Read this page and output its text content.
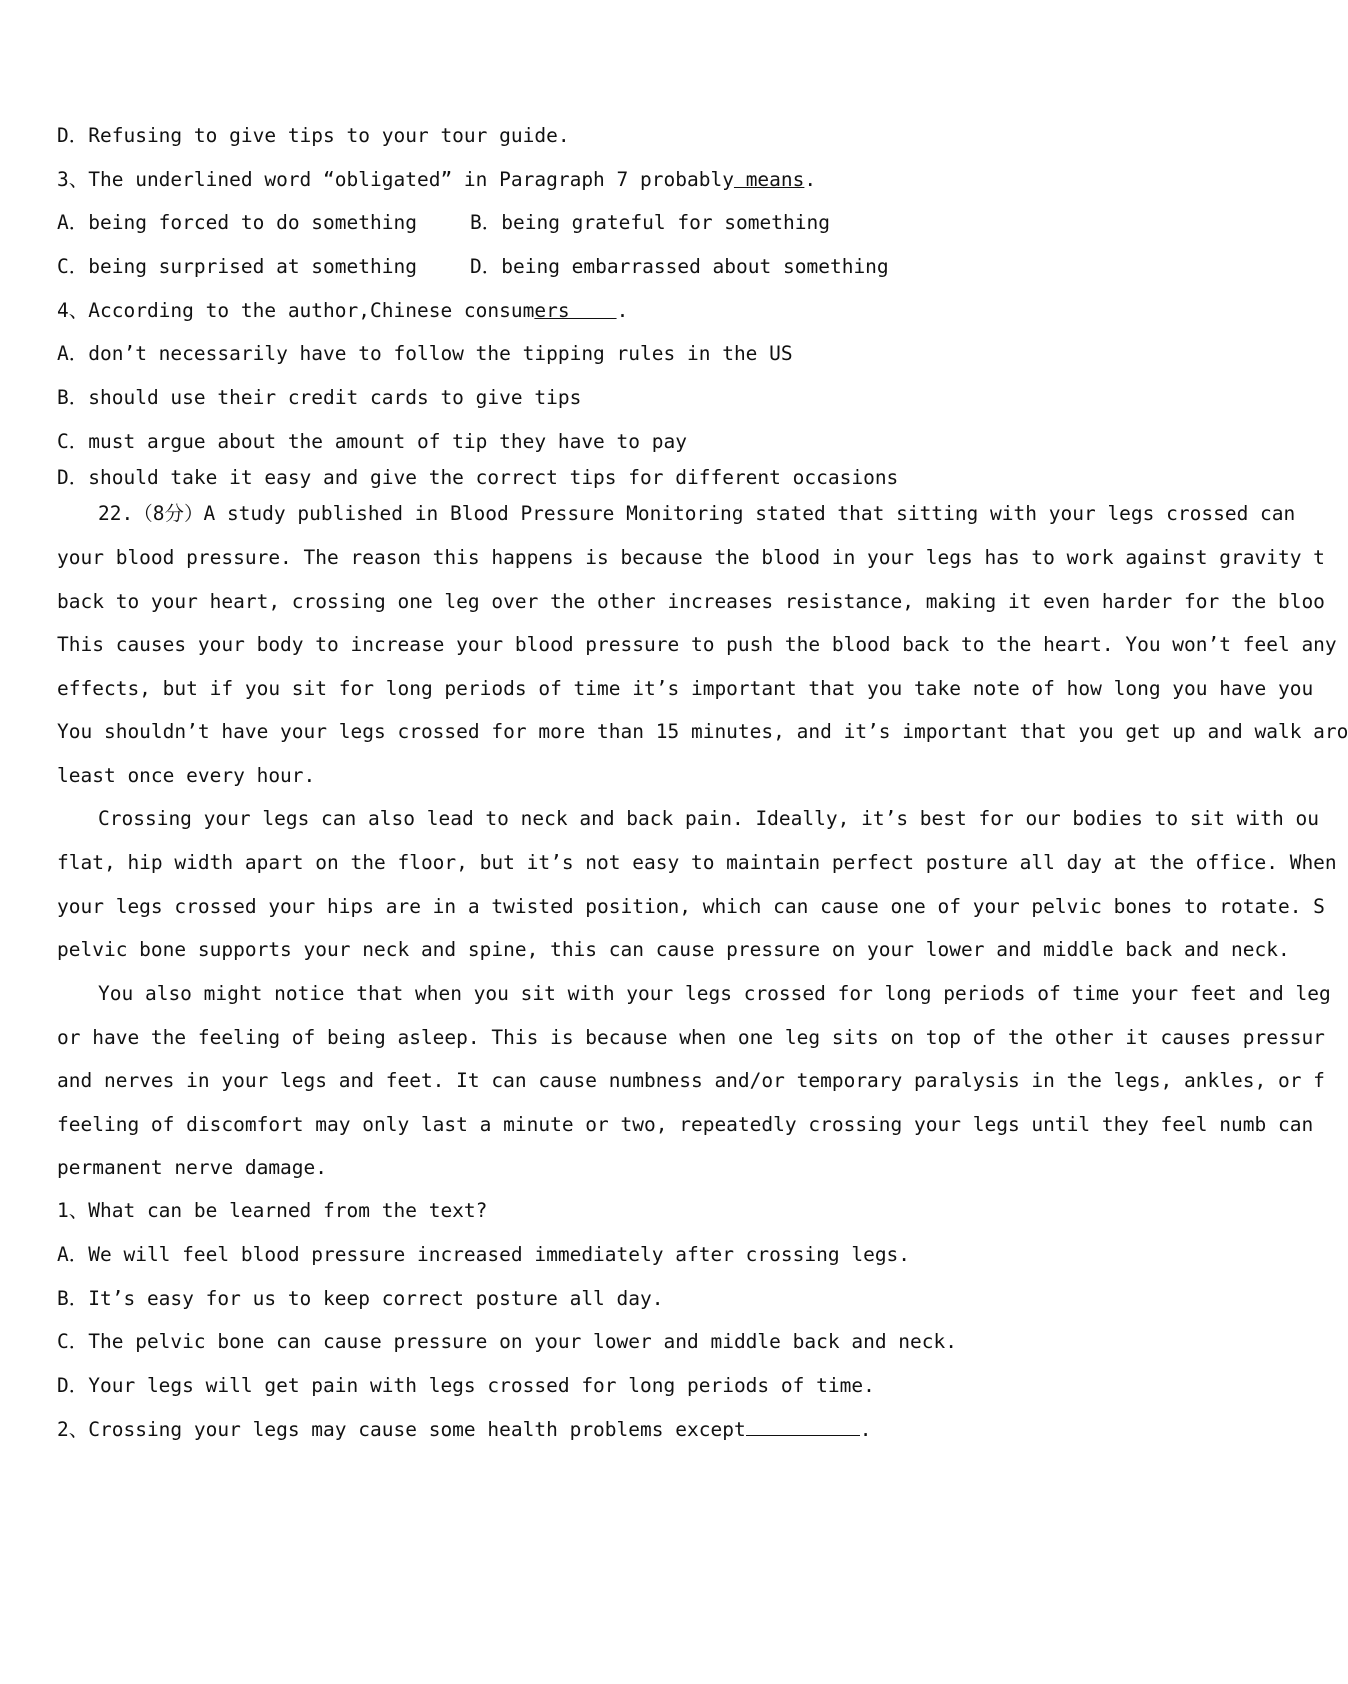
D．Refusing to give tips to your tour guide.
3、The underlined word “obligated” in Paragraph 7 probably means.
A．being forced to do something	B．being grateful for something
C．being surprised at something	D．being embarrassed about something
4、According to the author,Chinese consumers    .
A．don’t necessarily have to follow the tipping rules in the US
B．should use their credit cards to give tips
C．must argue about the amount of tip they have to pay
D．should take it easy and give the correct tips for different occasions
22.（8分）A study published in Blood Pressure Monitoring stated that sitting with your legs crossed can
your blood pressure. The reason this happens is because the blood in your legs has to work against gravity t
back to your heart, crossing one leg over the other increases resistance, making it even harder for the bloo
This causes your body to increase your blood pressure to push the blood back to the heart. You won’t feel any
effects, but if you sit for long periods of time it’s important that you take note of how long you have you
You shouldn’t have your legs crossed for more than 15 minutes, and it’s important that you get up and walk aro
least once every hour.
Crossing your legs can also lead to neck and back pain. Ideally, it’s best for our bodies to sit with ou
flat, hip width apart on the floor, but it’s not easy to maintain perfect posture all day at the office. When
your legs crossed your hips are in a twisted position, which can cause one of your pelvic bones to rotate. S
pelvic bone supports your neck and spine, this can cause pressure on your lower and middle back and neck.
You also might notice that when you sit with your legs crossed for long periods of time your feet and leg
or have the feeling of being asleep. This is because when one leg sits on top of the other it causes pressur
and nerves in your legs and feet. It can cause numbness and/or temporary paralysis in the legs, ankles, or f
feeling of discomfort may only last a minute or two, repeatedly crossing your legs until they feel numb can
permanent nerve damage.
1、What can be learned from the text?
A．We will feel blood pressure increased immediately after crossing legs.
B．It’s easy for us to keep correct posture all day.
C．The pelvic bone can cause pressure on your lower and middle back and neck.
D．Your legs will get pain with legs crossed for long periods of time.
2、Crossing your legs may cause some health problems except	.
